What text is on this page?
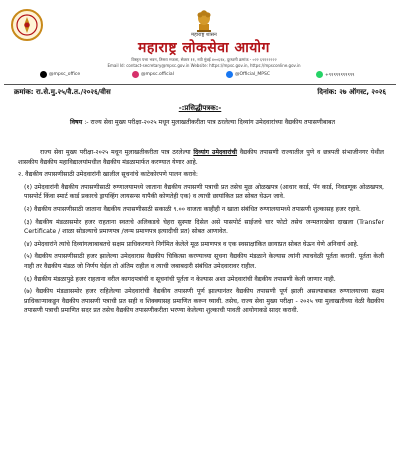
महाराष्ट्र शासन
महाराष्ट्र लोकसेवा आयोग
विस्तृत पत्ता भवन, तिसरा मजला, सेक्टर ११, नवी मुंबई ४००६१४, दूरध्वनी क्रमांक - ०२२ ६९१२२२२२
Email Id: contact-secretary@mpsc.gov.in Website: https://mpsc.gov.in, https://mpsconline.gov.in
@mpsc_office	@mpsc.official	@Official_MPSC	+९१९९९९९९९९९
क्रमांक: रा.से.मु.२५/वै.त./२०२६/वीस	दिनांक: २७ ऑगस्ट, २०२६
-:प्रसिद्धीपत्रक:-
विषय :- राज्य सेवा मुख्य परीक्षा-२०२५ मधून मुलाखतीकरीता पात्र ठरलेल्या दिव्यांग उमेदवारांच्या वैद्यकीय तपासणीबाबत

राज्य सेवा मुख्य परीक्षा-२०२५ मधून मुलाखतीकरीता पात्र ठरलेल्या दिव्यांग उमेदवारांची वैद्यकीय तपासणी राज्यातील पुणे व छत्रपती संभाजीनगर येथील शासकीय वैद्यकीय महाविद्यालयांमधील वैद्यकीय मंडळामार्फत करण्यात येणार आहे.

२. वैद्यकीय तपासणीसाठी उमेदवारांनी खालील सूचनांचे काटेकोरपणे पालन करावे:

(१) उमेदवारांनी वैद्यकीय तपासणीसाठी रुग्णालयामध्ये जाताना वैद्यकीय तपासणी पत्राची प्रत तसेच मूळ ओळखपत्र (आधार कार्ड, पॅन कार्ड, निवडणूक ओळखपत्र, पासपोर्ट किंवा स्मार्ट कार्ड प्रकारचे ड्रायव्हिंग लायसन्स यापैकी कोणतेही एक) व त्याची छायांकित प्रत सोबत घेऊन जावे.

(२) वैद्यकीय तपासणीसाठी जाताना वैद्यकीय तपासणीसाठी सकाळी ९.०० वाजता काहीही न खाता संबंधित रुग्णालयामध्ये तपासणी शुल्कासह हजर रहावे.

(३) वैद्यकीय मंडळासमोर हजर राहताना स्वतःचे अलिकडचे चेहरा सुस्पष्ट दिसेल असे पासपोर्ट साईजचे चार फोटो तसेच जन्मतारखेचा दाखला (Transfer Certificate / शाळा सोडल्याचे प्रमाणपत्र /जन्म प्रमाणपत्र इत्यादीची प्रत) सोबत आणावेत.

(४) उमेदवारांने त्यांचे दिव्यांगत्वाबाबतचे सक्षम प्राधिकरणाने निर्गमित केलेले मूळ प्रमाणपत्र व एक स्वसाक्षांकित छायाप्रत सोबत घेऊन येणे अनिवार्य आहे.

(५) वैद्यकीय तपासणीसाठी हजर झालेल्या उमेदवारास वैद्यकीय चिकित्सा करण्याच्या सूचना वैद्यकीय मंडळाने केल्यास त्यांनी त्याचवेळी पूर्तता करावी. पूर्तता केली नाही तर वैद्यकीय मंडळ जो निर्णय घेईल तो अंतिम राहील व त्याची जबाबदारी संबंधित उमेदवारावर राहील.

(६) वैद्यकीय मंडळापुढे हजर राहताना वरील कागदपत्रांची व सूचनांची पूर्तता न केल्यास अशा उमेदवारांची वैद्यकीय तपासणी केली जाणार नाही.

(७) वैद्यकीय मंडळासमोर हजर राहिलेल्या उमेदवारांची वैद्यकीय तपासणी पूर्ण झाल्यानंतर वैद्यकीय तपासणी पूर्ण झाली असल्याबाबत रुग्णालयाच्या सक्षम प्राधिकाऱ्याकडून वैद्यकीय तपासणी पत्राची प्रत सही व शिक्क्यासह प्रमाणित करून घ्यावी. तसेच, राज्य सेवा मुख्य परीक्षा - २०२५ च्या मुलाखतीच्या वेळी वैद्यकीय तपासणी पत्राची प्रमाणित सदर प्रत तसेच वैद्यकीय तपासणीकरीता भरण्या केलेल्या शुल्काची पावती आयोगाकडे सादर करावी.
